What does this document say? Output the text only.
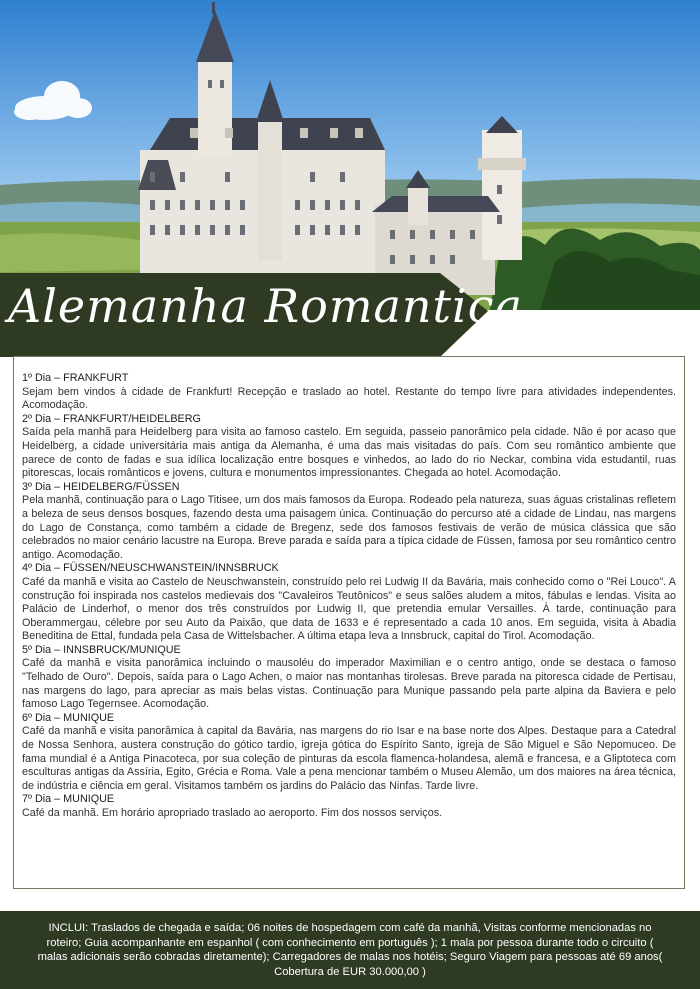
Alemanha Romantica
1º Dia – FRANKFURT

Sejam bem vindos à cidade de Frankfurt! Recepção e traslado ao hotel. Restante do tempo livre para atividades independentes. Acomodação.

2º Dia – FRANKFURT/HEIDELBERG

Saída pela manhã para Heidelberg para visita ao famoso castelo. Em seguida, passeio panorâmico pela cidade. Não é por acaso que Heidelberg, a cidade universitária mais antiga da Alemanha, é uma das mais visitadas do país. Com seu romântico ambiente que parece de conto de fadas e sua idílica localização entre bosques e vinhedos, ao lado do rio Neckar, combina vida estudantil, ruas pitorescas, locais românticos e jovens, cultura e monumentos impressionantes. Chegada ao hotel. Acomodação.

3º Dia – HEIDELBERG/FÜSSEN

Pela manhã, continuação para o Lago Titisee, um dos mais famosos da Europa. Rodeado pela natureza, suas águas cristalinas refletem a beleza de seus densos bosques, fazendo desta uma paisagem única. Continuação do percurso até a cidade de Lindau, nas margens do Lago de Constança, como também a cidade de Bregenz, sede dos famosos festivais de verão de música clássica que são celebrados no maior cenário lacustre na Europa. Breve parada e saída para a típica cidade de Füssen, famosa por seu romântico centro antigo. Acomodação.

4º Dia – FÜSSEN/NEUSCHWANSTEIN/INNSBRUCK

Café da manhã e visita ao Castelo de Neuschwanstein, construído pelo rei Ludwig II da Bavária, mais conhecido como o "Rei Louco". A construção foi inspirada nos castelos medievais dos "Cavaleiros Teutônicos" e seus salões aludem a mitos, fábulas e lendas. Visita ao Palácio de Linderhof, o menor dos três construídos por Ludwig II, que pretendia emular Versailles. À tarde, continuação para Oberammergau, célebre por seu Auto da Paixão, que data de 1633 e é representado a cada 10 anos. Em seguida, visita à Abadia Beneditina de Ettal, fundada pela Casa de Wittelsbacher. A última etapa leva a Innsbruck, capital do Tirol. Acomodação.

5º Dia – INNSBRUCK/MUNIQUE

Café da manhã e visita panorâmica incluindo o mausoléu do imperador Maximilian e o centro antigo, onde se destaca o famoso "Telhado de Ouro". Depois, saída para o Lago Achen, o maior nas montanhas tirolesas. Breve parada na pitoresca cidade de Pertisau, nas margens do lago, para apreciar as mais belas vistas. Continuação para Munique passando pela parte alpina da Baviera e pelo famoso Lago Tegernsee. Acomodação.

6º Dia – MUNIQUE

Café da manhã e visita panorâmica à capital da Bavária, nas margens do rio Isar e na base norte dos Alpes. Destaque para a Catedral de Nossa Senhora, austera construção do gótico tardio, igreja gótica do Espírito Santo, igreja de São Miguel e São Nepomuceo. De fama mundial é a Antiga Pinacoteca, por sua coleção de pinturas da escola flamenca-holandesa, alemã e francesa, e a Gliptoteca com esculturas antigas da Assíria, Egito, Grécia e Roma. Vale a pena mencionar também o Museu Alemão, um dos maiores na área técnica, de indústria e ciência em geral. Visitamos também os jardins do Palácio das Ninfas. Tarde livre.

7º Dia – MUNIQUE

Café da manhã. Em horário apropriado traslado ao aeroporto. Fim dos nossos serviços.

INCLUI: Traslados de chegada e saída; 06 noites de hospedagem com café da manhã, Visitas conforme mencionadas no roteiro; Guia acompanhante em espanhol ( com conhecimento em português ); 1 mala por pessoa durante todo o circuito ( malas adicionais serão cobradas diretamente); Carregadores de malas nos hotéis; Seguro Viagem para pessoas até 69 anos( Cobertura de EUR 30.000,00 )
